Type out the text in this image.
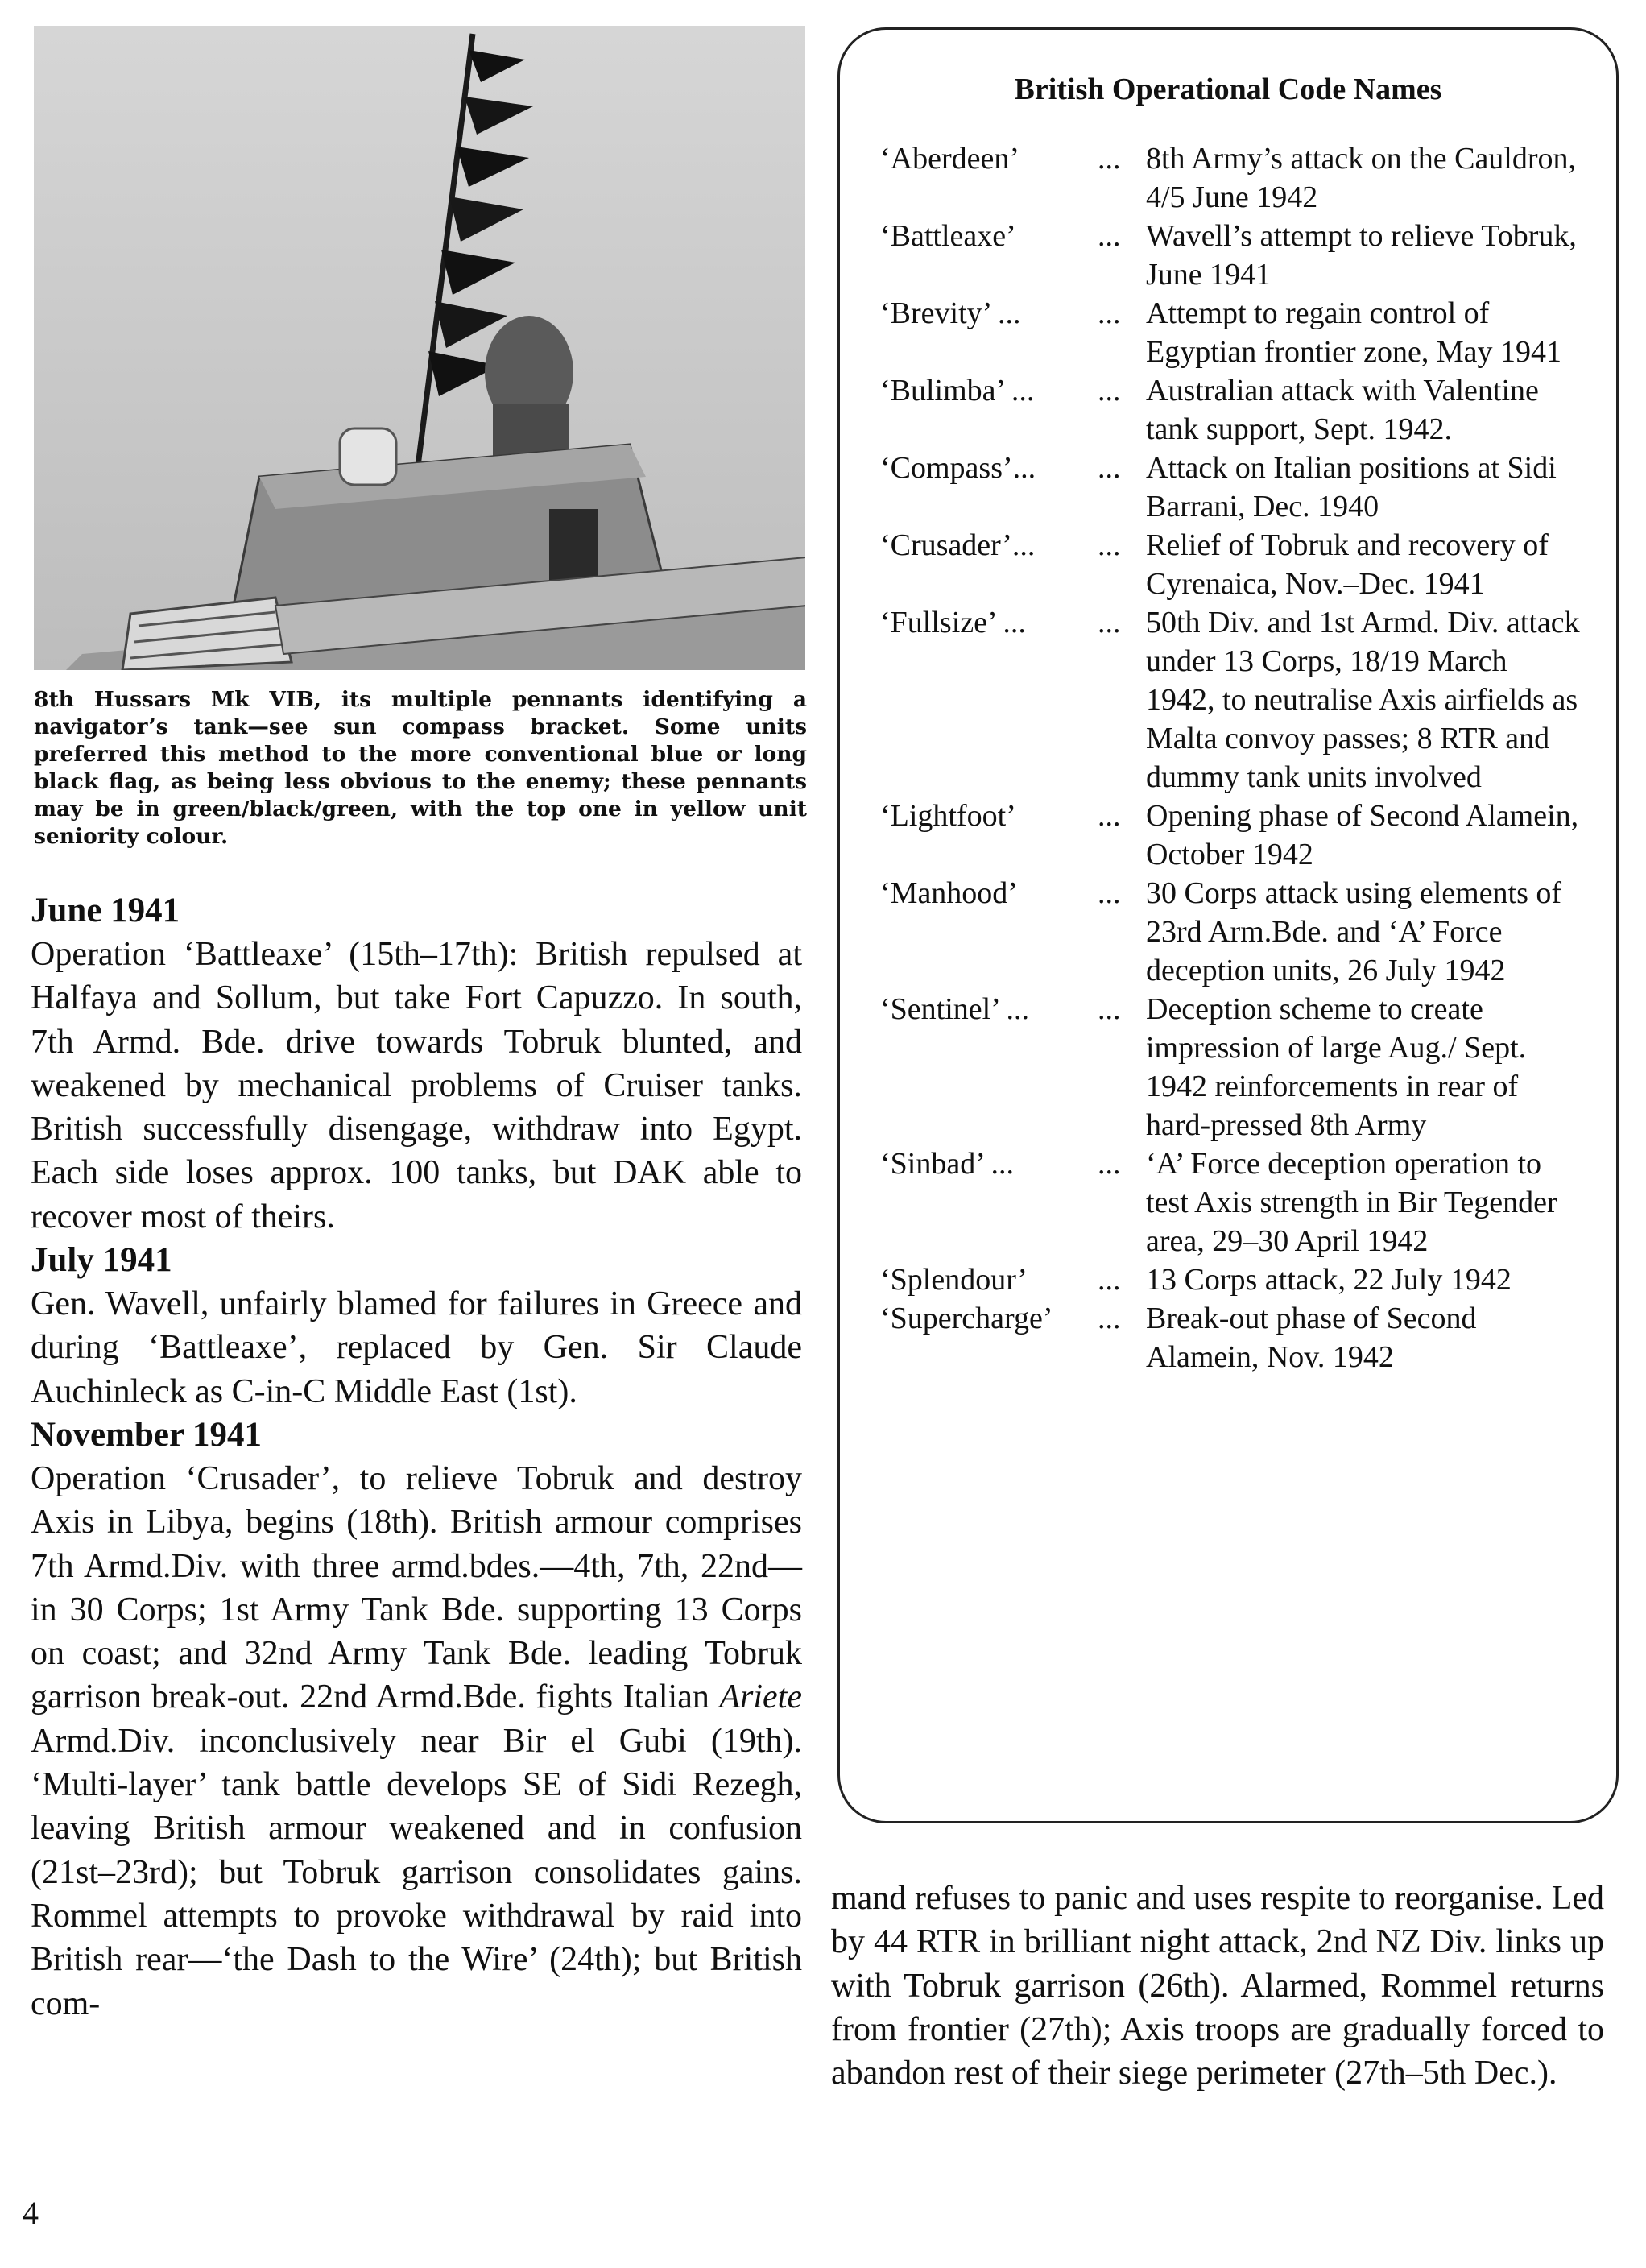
8th Hussars Mk VIB, its multiple pennants identifying a navigator’s tank—see sun compass bracket. Some units preferred this method to the more conventional blue or long black flag, as being less obvious to the enemy; these pennants may be in green/black/green, with the top one in yellow unit seniority colour.

June 1941

Operation ‘Battleaxe’ (15th–17th): British repulsed at Halfaya and Sollum, but take Fort Capuzzo. In south, 7th Armd. Bde. drive towards Tobruk blunted, and weakened by mechanical problems of Cruiser tanks. British successfully disengage, withdraw into Egypt. Each side loses approx. 100 tanks, but DAK able to recover most of theirs.

July 1941

Gen. Wavell, unfairly blamed for failures in Greece and during ‘Battleaxe’, replaced by Gen. Sir Claude Auchinleck as C-in-C Middle East (1st).

November 1941

Operation ‘Crusader’, to relieve Tobruk and destroy Axis in Libya, begins (18th). British armour comprises 7th Armd.Div. with three armd.bdes.—4th, 7th, 22nd—in 30 Corps; 1st Army Tank Bde. supporting 13 Corps on coast; and 32nd Army Tank Bde. leading Tobruk garrison break-out. 22nd Armd.Bde. fights Italian Ariete Armd.Div. inconclusively near Bir el Gubi (19th). ‘Multi-layer’ tank battle develops SE of Sidi Rezegh, leaving British armour weakened and in confusion (21st–23rd); but Tobruk garrison consolidates gains. Rommel attempts to provoke withdrawal by raid into British rear—‘the Dash to the Wire’ (24th); but British com-

British Operational Code Names

‘Aberdeen’	... 8th Army’s attack on the Cauldron, 4/5 June 1942
‘Battleaxe’	... Wavell’s attempt to relieve Tobruk, June 1941
‘Brevity’ ...	... Attempt to regain control of Egyptian frontier zone, May 1941
‘Bulimba’ ...	... Australian attack with Valentine tank support, Sept. 1942.
‘Compass’...	... Attack on Italian positions at Sidi Barrani, Dec. 1940
‘Crusader’...	... Relief of Tobruk and recovery of Cyrenaica, Nov.–Dec. 1941
‘Fullsize’ ...	... 50th Div. and 1st Armd. Div. attack under 13 Corps, 18/19 March 1942, to neutralise Axis airfields as Malta convoy passes; 8 RTR and dummy tank units involved
‘Lightfoot’	... Opening phase of Second Alamein, October 1942
‘Manhood’	... 30 Corps attack using elements of 23rd Arm.Bde. and ‘A’ Force deception units, 26 July 1942
‘Sentinel’ ...	... Deception scheme to create impression of large Aug./ Sept. 1942 reinforcements in rear of hard-pressed 8th Army
‘Sinbad’ ...	... ‘A’ Force deception operation to test Axis strength in Bir Tegender area, 29–30 April 1942
‘Splendour’	... 13 Corps attack, 22 July 1942
‘Supercharge’	... Break-out phase of Second Alamein, Nov. 1942

mand refuses to panic and uses respite to reorganise. Led by 44 RTR in brilliant night attack, 2nd NZ Div. links up with Tobruk garrison (26th). Alarmed, Rommel returns from frontier (27th); Axis troops are gradually forced to abandon rest of their siege perimeter (27th–5th Dec.).

4
